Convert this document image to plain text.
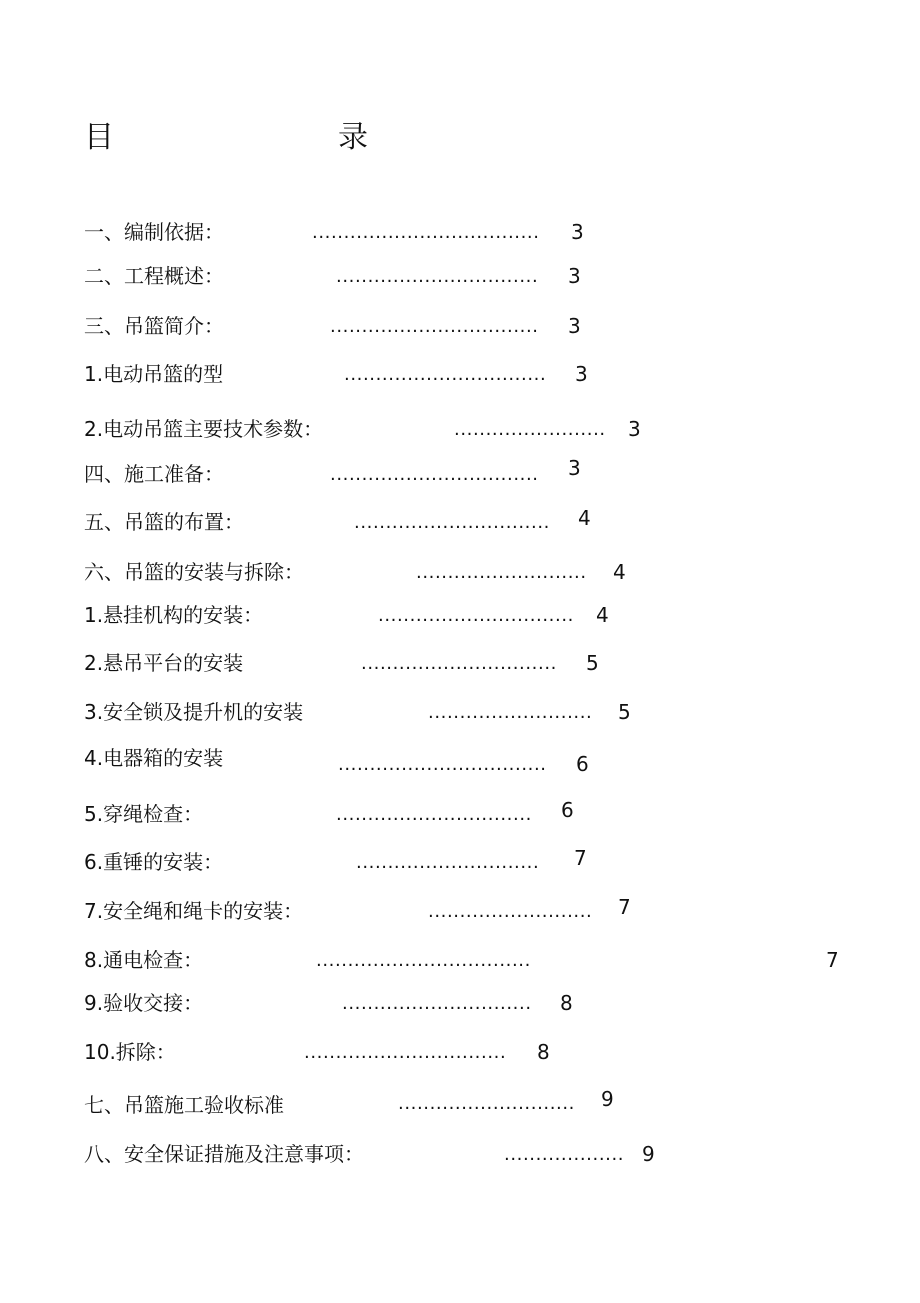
目	录
一、编制依据：	.................................... 3
二、工程概述：	................................ 3
三、吊篮简介：	................................. 3
1.电动吊篮的型	................................ 3
2.电动吊篮主要技术参数：	........................ 3
四、施工准备：	................................. 3
五、吊篮的布置：	............................... 4
六、吊篮的安装与拆除：	........................... 4
1.悬挂机构的安装：	............................... 4
2.悬吊平台的安装	............................... 5
3.安全锁及提升机的安装	.......................... 5
4.电器箱的安装	................................. 6
5.穿绳检查：	............................... 6
6.重锤的安装：	............................. 7
7.安全绳和绳卡的安装：	.......................... 7
8.通电检查：	..................................	7
9.验收交接：	.............................. 8
10.拆除：	................................ 8
七、吊篮施工验收标准	............................ 9
八、安全保证措施及注意事项：	................... 9
